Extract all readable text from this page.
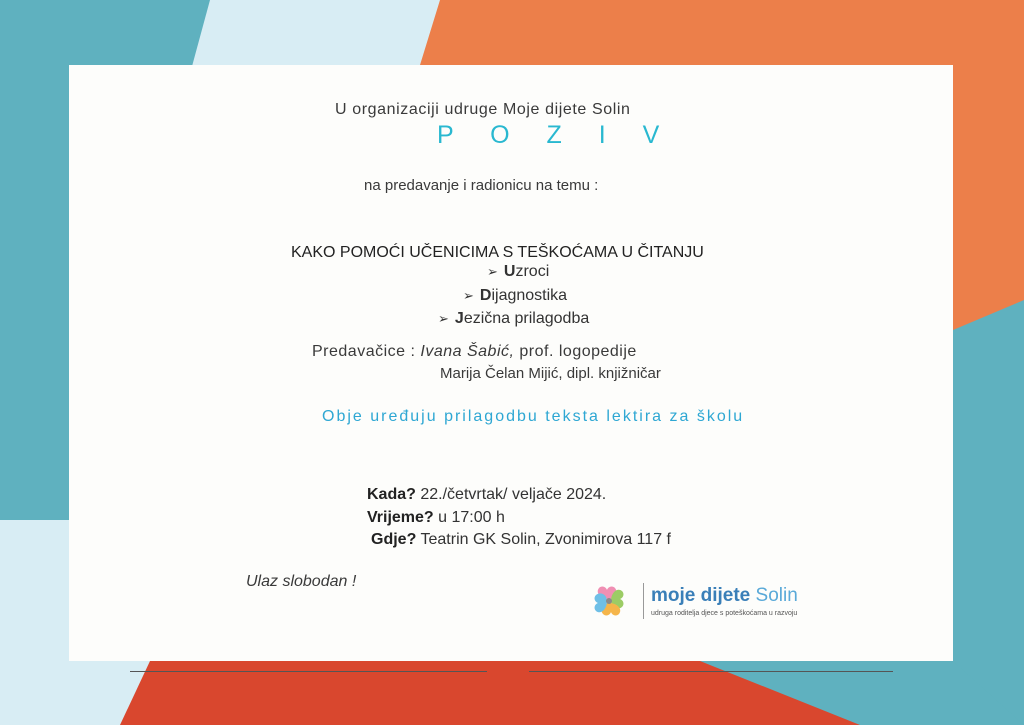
U organizaciji udruge Moje dijete Solin
P O Z I V
na predavanje i radionicu na temu :
KAKO POMOĆI UČENICIMA S TEŠKOĆAMA U ČITANJU
➢ Uzroci
➢ Dijagnostika
➢ Jezična prilagodba
Predavačice : Ivana Šabić, prof. logopedije
Marija Čelan Mijić, dipl. knjižničar
Obje uređuju prilagodbu teksta lektira za školu
Kada? 22./četvrtak/ veljače 2024.
Vrijeme? u 17:00 h
Gdje? Teatrin GK Solin, Zvonimirova 117 f
Ulaz slobodan !
moje dijete Solin
udruga roditelja djece s poteškoćama u razvoju
